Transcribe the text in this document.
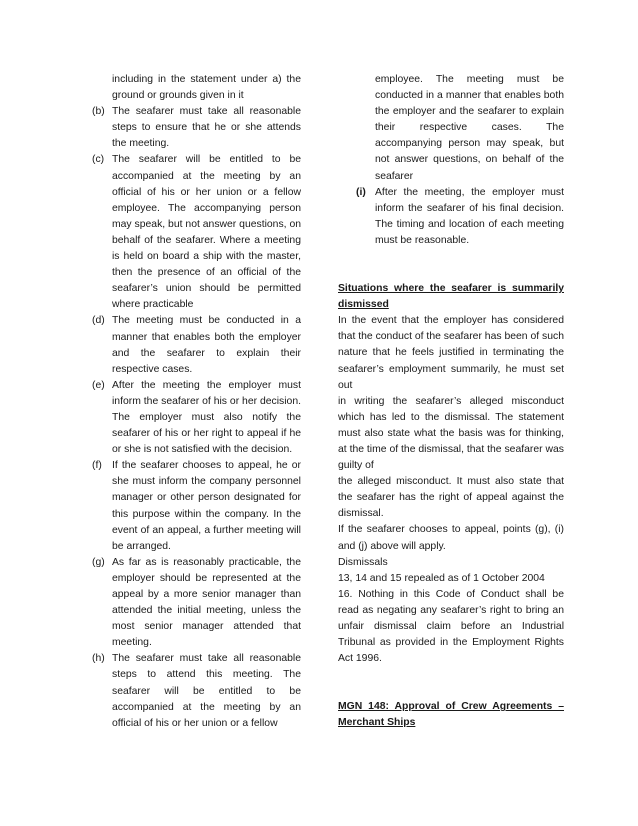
including in the statement under a) the ground or grounds given in it
(b) The seafarer must take all reasonable steps to ensure that he or she attends the meeting.
(c) The seafarer will be entitled to be accompanied at the meeting by an official of his or her union or a fellow employee. The accompanying person may speak, but not answer questions, on behalf of the seafarer. Where a meeting is held on board a ship with the master, then the presence of an official of the seafarer’s union should be permitted where practicable
(d) The meeting must be conducted in a manner that enables both the employer and the seafarer to explain their respective cases.
(e) After the meeting the employer must inform the seafarer of his or her decision. The employer must also notify the seafarer of his or her right to appeal if he or she is not satisfied with the decision.
(f) If the seafarer chooses to appeal, he or she must inform the company personnel manager or other person designated for this purpose within the company. In the event of an appeal, a further meeting will be arranged.
(g) As far as is reasonably practicable, the employer should be represented at the appeal by a more senior manager than attended the initial meeting, unless the most senior manager attended that meeting.
(h) The seafarer must take all reasonable steps to attend this meeting. The seafarer will be entitled to be accompanied at the meeting by an official of his or her union or a fellow
employee. The meeting must be conducted in a manner that enables both the employer and the seafarer to explain their respective cases. The accompanying person may speak, but not answer questions, on behalf of the seafarer
(i) After the meeting, the employer must inform the seafarer of his final decision. The timing and location of each meeting must be reasonable.
Situations where the seafarer is summarily dismissed
In the event that the employer has considered that the conduct of the seafarer has been of such nature that he feels justified in terminating the seafarer’s employment summarily, he must set out
in writing the seafarer’s alleged misconduct which has led to the dismissal. The statement must also state what the basis was for thinking, at the time of the dismissal, that the seafarer was guilty of
the alleged misconduct. It must also state that the seafarer has the right of appeal against the dismissal.
If the seafarer chooses to appeal, points (g), (i) and (j) above will apply.
Dismissals
13, 14 and 15 repealed as of 1 October 2004
16. Nothing in this Code of Conduct shall be read as negating any seafarer’s right to bring an unfair dismissal claim before an Industrial Tribunal as provided in the Employment Rights Act 1996.
MGN 148: Approval of Crew Agreements – Merchant Ships
